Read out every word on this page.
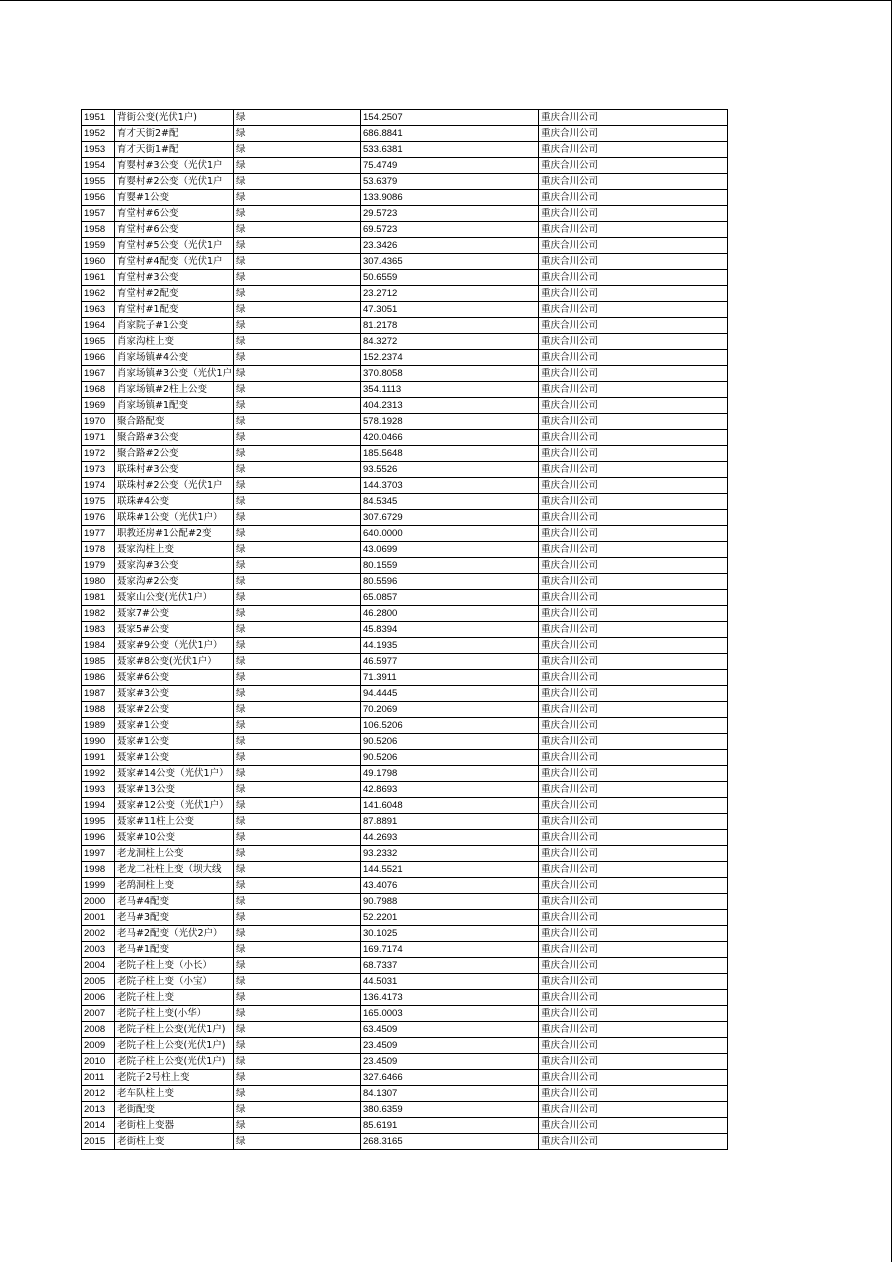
1951	背街公变(光伏1户)	绿	154.2507	重庆合川公司
1952	育才天街2#配	绿	686.8841	重庆合川公司
1953	育才天街1#配	绿	533.6381	重庆合川公司
1954	育婴村#3公变（光伏1户	绿	75.4749	重庆合川公司
1955	育婴村#2公变（光伏1户	绿	53.6379	重庆合川公司
1956	育婴#1公变	绿	133.9086	重庆合川公司
1957	育堂村#6公变	绿	29.5723	重庆合川公司
1958	育堂村#6公变	绿	69.5723	重庆合川公司
1959	育堂村#5公变（光伏1户	绿	23.3426	重庆合川公司
1960	育堂村#4配变（光伏1户	绿	307.4365	重庆合川公司
1961	育堂村#3公变	绿	50.6559	重庆合川公司
1962	育堂村#2配变	绿	23.2712	重庆合川公司
1963	育堂村#1配变	绿	47.3051	重庆合川公司
1964	肖家院子#1公变	绿	81.2178	重庆合川公司
1965	肖家沟柱上变	绿	84.3272	重庆合川公司
1966	肖家场镇#4公变	绿	152.2374	重庆合川公司
1967	肖家场镇#3公变（光伏1户	绿	370.8058	重庆合川公司
1968	肖家场镇#2柱上公变	绿	354.1113	重庆合川公司
1969	肖家场镇#1配变	绿	404.2313	重庆合川公司
1970	聚合路配变	绿	578.1928	重庆合川公司
1971	聚合路#3公变	绿	420.0466	重庆合川公司
1972	聚合路#2公变	绿	185.5648	重庆合川公司
1973	联珠村#3公变	绿	93.5526	重庆合川公司
1974	联珠村#2公变（光伏1户	绿	144.3703	重庆合川公司
1975	联珠#4公变	绿	84.5345	重庆合川公司
1976	联珠#1公变（光伏1户）	绿	307.6729	重庆合川公司
1977	职教还房#1公配#2变	绿	640.0000	重庆合川公司
1978	聂家沟柱上变	绿	43.0699	重庆合川公司
1979	聂家沟#3公变	绿	80.1559	重庆合川公司
1980	聂家沟#2公变	绿	80.5596	重庆合川公司
1981	聂家山公变(光伏1户）	绿	65.0857	重庆合川公司
1982	聂家7#公变	绿	46.2800	重庆合川公司
1983	聂家5#公变	绿	45.8394	重庆合川公司
1984	聂家#9公变（光伏1户）	绿	44.1935	重庆合川公司
1985	聂家#8公变(光伏1户）	绿	46.5977	重庆合川公司
1986	聂家#6公变	绿	71.3911	重庆合川公司
1987	聂家#3公变	绿	94.4445	重庆合川公司
1988	聂家#2公变	绿	70.2069	重庆合川公司
1989	聂家#1公变	绿	106.5206	重庆合川公司
1990	聂家#1公变	绿	90.5206	重庆合川公司
1991	聂家#1公变	绿	90.5206	重庆合川公司
1992	聂家#14公变（光伏1户）	绿	49.1798	重庆合川公司
1993	聂家#13公变	绿	42.8693	重庆合川公司
1994	聂家#12公变（光伏1户）	绿	141.6048	重庆合川公司
1995	聂家#11柱上公变	绿	87.8891	重庆合川公司
1996	聂家#10公变	绿	44.2693	重庆合川公司
1997	老龙洞柱上公变	绿	93.2332	重庆合川公司
1998	老龙二社柱上变（坝大线	绿	144.5521	重庆合川公司
1999	老鸹洞柱上变	绿	43.4076	重庆合川公司
2000	老马#4配变	绿	90.7988	重庆合川公司
2001	老马#3配变	绿	52.2201	重庆合川公司
2002	老马#2配变（光伏2户）	绿	30.1025	重庆合川公司
2003	老马#1配变	绿	169.7174	重庆合川公司
2004	老院子柱上变（小长）	绿	68.7337	重庆合川公司
2005	老院子柱上变（小宝）	绿	44.5031	重庆合川公司
2006	老院子柱上变	绿	136.4173	重庆合川公司
2007	老院子柱上变(小华）	绿	165.0003	重庆合川公司
2008	老院子柱上公变(光伏1户)	绿	63.4509	重庆合川公司
2009	老院子柱上公变(光伏1户)	绿	23.4509	重庆合川公司
2010	老院子柱上公变(光伏1户)	绿	23.4509	重庆合川公司
2011	老院子2号柱上变	绿	327.6466	重庆合川公司
2012	老车队柱上变	绿	84.1307	重庆合川公司
2013	老街配变	绿	380.6359	重庆合川公司
2014	老街柱上变器	绿	85.6191	重庆合川公司
2015	老街柱上变	绿	268.3165	重庆合川公司
